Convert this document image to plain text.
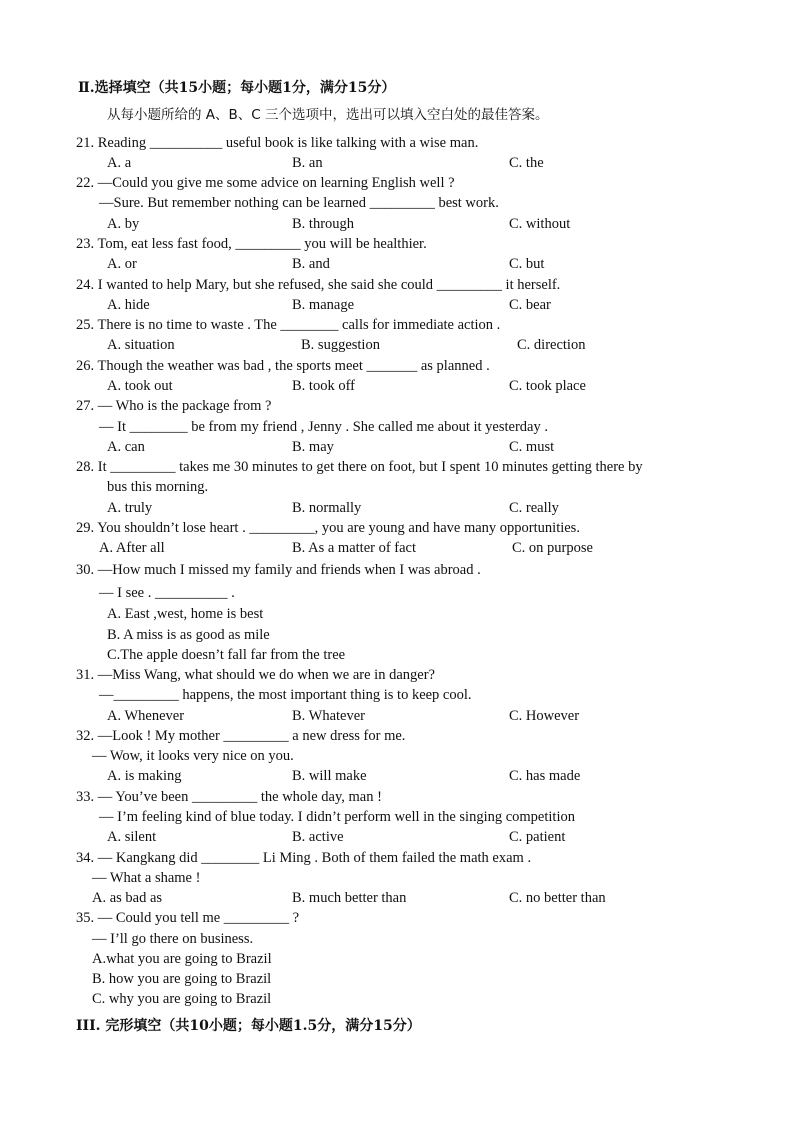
Ⅱ.选择填空（共15小题；每小题1分，满分15分）
从每小题所给的 A、B、C 三个选项中，选出可以填入空白处的最佳答案。
21. Reading __________ useful book is like talking with a wise man.
A. a	B. an	C. the
22. —Could you give me some advice on learning English well ?
—Sure. But remember nothing can be learned _________ best work.
A. by	B. through	C. without
23. Tom, eat less fast food, _________ you will be healthier.
A. or	B. and	C. but
24. I wanted to help Mary, but she refused, she said she could _________ it herself.
A. hide	B. manage	C. bear
25. There is no time to waste . The ________ calls for immediate action .
A. situation	B. suggestion	C. direction
26. Though the weather was bad , the sports meet _______ as planned .
A. took out	B. took off	C. took place
27. — Who is the package from ?
— It ________ be from my friend , Jenny . She called me about it yesterday .
A. can	B. may	C. must
28. It _________ takes me 30 minutes to get there on foot, but I spent 10 minutes getting there by
bus this morning.
A. truly	B. normally	C. really
29. You shouldn’t lose heart . _________, you are young and have many opportunities.
A. After all	B. As a matter of fact	C. on purpose
30. —How much I missed my family and friends when I was abroad .
— I see . __________ .
A. East ,west, home is best
B. A miss is as good as mile
C.The apple doesn’t fall far from the tree
31. —Miss Wang, what should we do when we are in danger?
—_________ happens, the most important thing is to keep cool.
A. Whenever	B. Whatever	C. However
32. —Look ! My mother _________ a new dress for me.
— Wow, it looks very nice on you.
A. is making	B. will make	C. has made
33. — You’ve been _________ the whole day, man !
— I’m feeling kind of blue today. I didn’t perform well in the singing competition
A. silent	B. active	C. patient
34. — Kangkang did ________ Li Ming . Both of them failed the math exam .
— What a shame !
A. as bad as	B. much better than	C. no better than
35. — Could you tell me _________ ?
— I’ll go there on business.
A.what you are going to Brazil
B. how you are going to Brazil
C. why you are going to Brazil
III. 完形填空（共10小题；每小题1.5分，满分15分）
